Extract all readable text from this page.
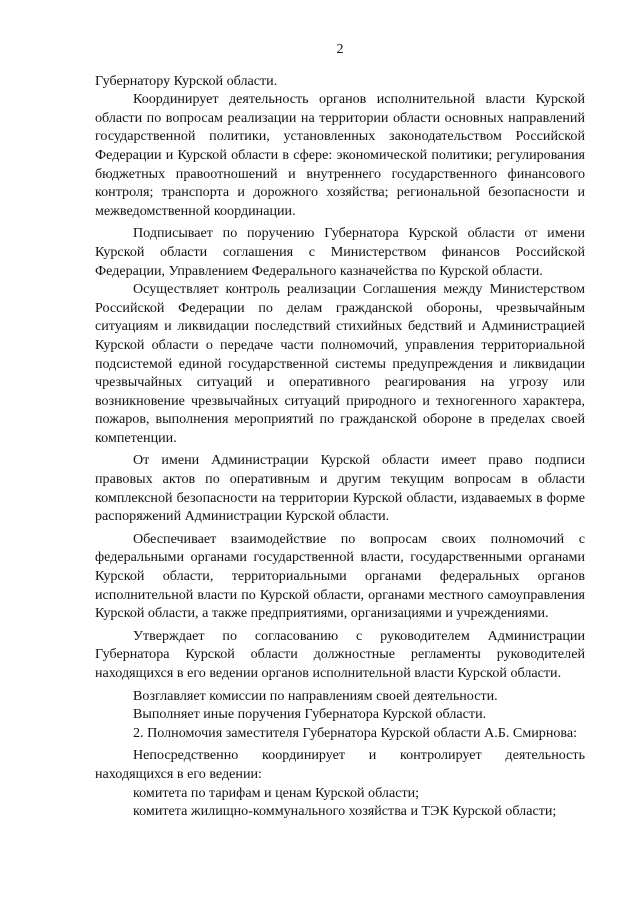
2

Губернатору Курской области.

Координирует деятельность органов исполнительной власти Курской области по вопросам реализации на территории области основных направлений государственной политики, установленных законодательством Российской Федерации и Курской области в сфере: экономической политики; регулирования бюджетных правоотношений и внутреннего государственного финансового контроля; транспорта и дорожного хозяйства; региональной безопасности и межведомственной координации.

Подписывает по поручению Губернатора Курской области от имени Курской области соглашения с Министерством финансов Российской Федерации, Управлением Федерального казначейства по Курской области.

Осуществляет контроль реализации Соглашения между Министерством Российской Федерации по делам гражданской обороны, чрезвычайным ситуациям и ликвидации последствий стихийных бедствий и Администрацией Курской области о передаче части полномочий, управления территориальной подсистемой единой государственной системы предупреждения и ликвидации чрезвычайных ситуаций и оперативного реагирования на угрозу или возникновение чрезвычайных ситуаций природного и техногенного характера, пожаров, выполнения мероприятий по гражданской обороне в пределах своей компетенции.

От имени Администрации Курской области имеет право подписи правовых актов по оперативным и другим текущим вопросам в области комплексной безопасности на территории Курской области, издаваемых в форме распоряжений Администрации Курской области.

Обеспечивает взаимодействие по вопросам своих полномочий с федеральными органами государственной власти, государственными органами Курской области, территориальными органами федеральных органов исполнительной власти по Курской области, органами местного самоуправления Курской области, а также предприятиями, организациями и учреждениями.

Утверждает по согласованию с руководителем Администрации Губернатора Курской области должностные регламенты руководителей находящихся в его ведении органов исполнительной власти Курской области.

Возглавляет комиссии по направлениям своей деятельности.

Выполняет иные поручения Губернатора Курской области.

2. Полномочия заместителя Губернатора Курской области А.Б. Смирнова:

Непосредственно координирует и контролирует деятельность находящихся в его ведении:

комитета по тарифам и ценам Курской области;

комитета жилищно-коммунального хозяйства и ТЭК Курской области;
